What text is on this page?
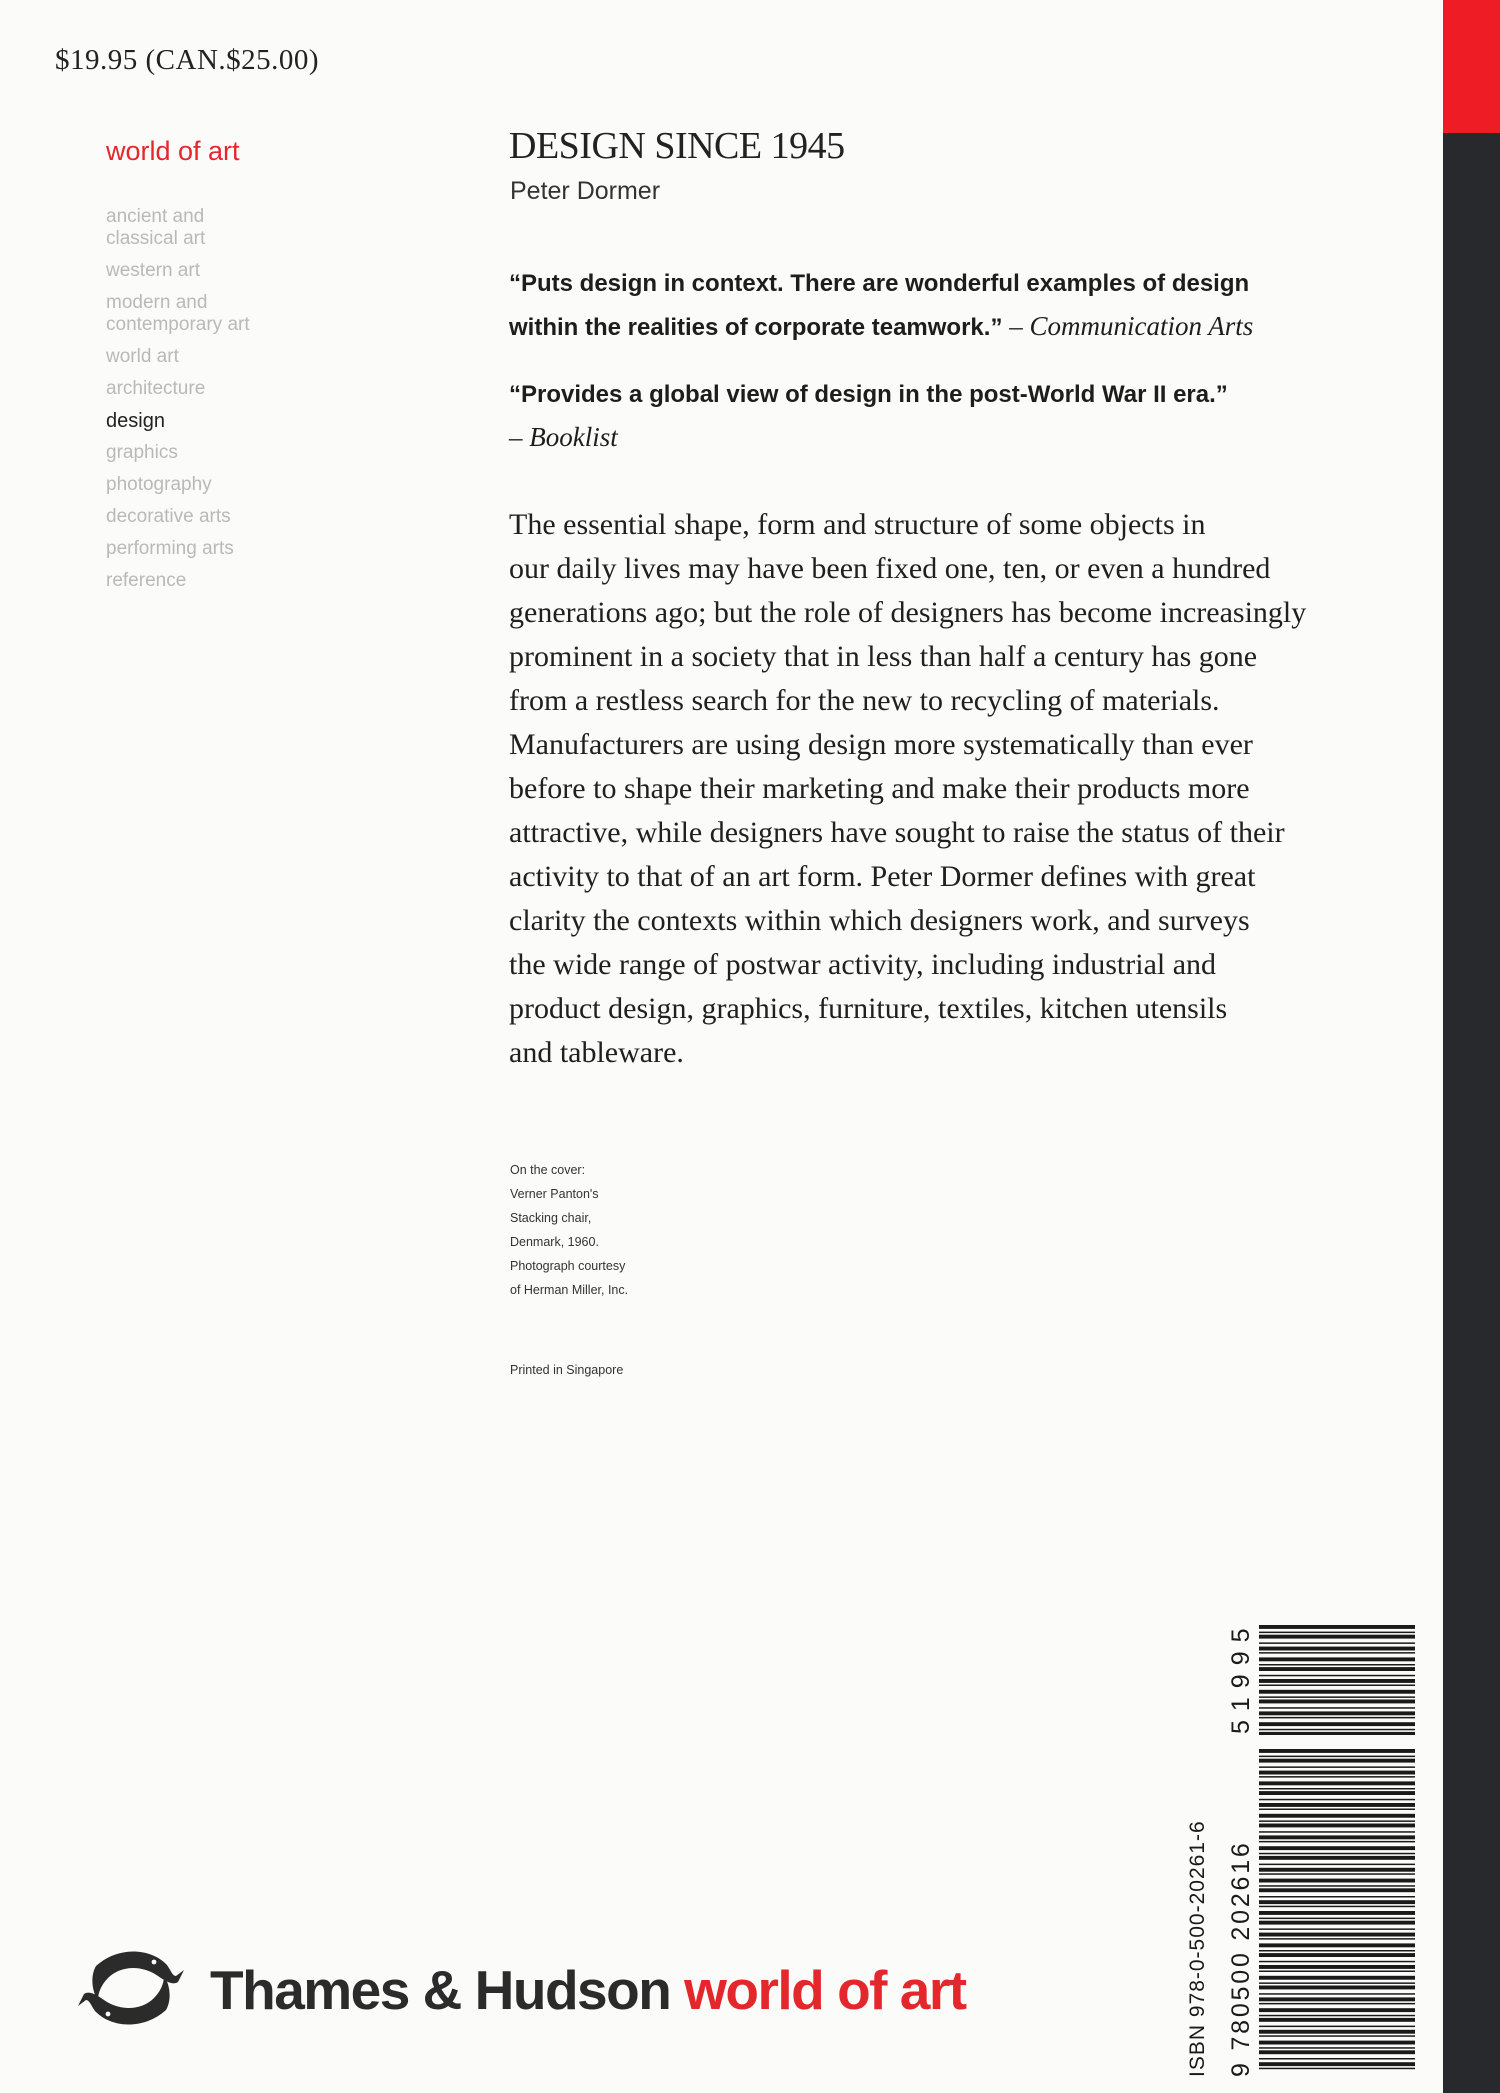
$19.95 (CAN.$25.00)
world of art
ancient and
classical art
western art
modern and
contemporary art
world art
architecture
design
graphics
photography
decorative arts
performing arts
reference
DESIGN SINCE 1945
Peter Dormer
“Puts design in context. There are wonderful examples of design
within the realities of corporate teamwork.” – Communication Arts
“Provides a global view of design in the post-World War II era.”
– Booklist

The essential shape, form and structure of some objects in
our daily lives may have been fixed one, ten, or even a hundred
generations ago; but the role of designers has become increasingly
prominent in a society that in less than half a century has gone
from a restless search for the new to recycling of materials.
Manufacturers are using design more systematically than ever
before to shape their marketing and make their products more
attractive, while designers have sought to raise the status of their
activity to that of an art form. Peter Dormer defines with great
clarity the contexts within which designers work, and surveys
the wide range of postwar activity, including industrial and
product design, graphics, furniture, textiles, kitchen utensils
and tableware.

On the cover:
Verner Panton's
Stacking chair,
Denmark, 1960.
Photograph courtesy
of Herman Miller, Inc.
Printed in Singapore
Thames & Hudson world of art	ISBN 978-0-500-20261-6 9 780500 202616
51995
